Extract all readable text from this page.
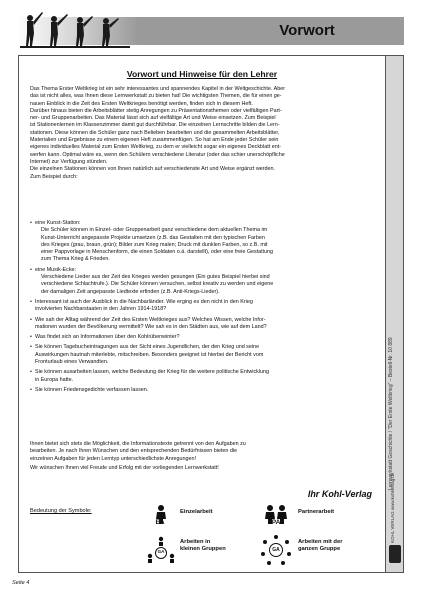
Vorwort
Lernwerkstatt Geschichte / "Der Erste Weltkrieg" – Bestell-Nr. 10 889
KOHL VERLAG www.kohlverlag.de
Vorwort und Hinweise für den Lehrer
Das Thema Erster Weltkrieg ist ein sehr interessantes und spannendes Kapitel in der Weltgeschichte. Aber
das ist nicht alles, was Ihnen diese Lernwerkstatt zu bieten hat! Die wichtigsten Themen, die für einen ge-
nauen Einblick in die Zeit des Ersten Weltkrieges benötigt werden, finden sich in diesem Heft.
Darüber hinaus bieten die Arbeitsblätter stetig Anregungen zu Präsentationsthemen oder vielfältigen Part-
ner- und Gruppenarbeiten. Das Material lässt sich auf vielfältige Art und Weise einsetzen. Zum Beispiel
ist Stationenlernen im Klassenzimmer damit gut durchführbar. Die einzelnen Lernschritte bilden die Lern-
stationen. Diese können die Schüler ganz nach Belieben bearbeiten und die gesammelten Arbeitsblätter,
Materialien und Ergebnisse zu einem eigenen Heft zusammenfügen. So hat am Ende jeder Schüler sein
eigenes individuelles Material zum Ersten Weltkrieg, zu dem er vielleicht sogar ein eigenes Deckblatt ent-
werfen kann. Optimal wäre es, wenn den Schülern verschiedene Literatur (oder das schier unerschöpfliche
Internet) zur Verfügung stünden.
Die einzelnen Stationen können von Ihnen natürlich auf verschiedenste Art und Weise ergänzt werden.
Zum Beispiel durch:
• eine Kunst-Station:
Die Schüler können in Einzel- oder Gruppenarbeit ganz verschiedene dem aktuellen Thema im
Kunst-Unterricht angepasste Projekte umsetzen (z.B. das Gestalten mit den typischen Farben
des Krieges (grau, braun, grün); Bilder zum Krieg malen; Druck mit dunklen Farben, so z.B. mit
einer Pappvorlage in Menschenform, die einen Soldaten o.ä. darstellt), oder eine freie Gestaltung
zum Thema Krieg & Frieden.
• eine Musik-Ecke:
Verschiedene Lieder aus der Zeit des Krieges werden gesungen (Ein gutes Beispiel hierbei sind
verschiedene Schlachtrufe.). Die Schüler können versuchen, selbst kreativ zu werden und eigene
der damaligen Zeit angepasste Liedtexte erfinden (z.B. Anti-Kriegs-Lieder).
• Interessant ist auch der Ausblick in die Nachbarländer. Wie erging es den nicht in den Krieg
involvierten Nachbarstaaten in den Jahren 1914-1918?
• Wie sah der Alltag während der Zeit des Ersten Weltkrieges aus? Welches Wissen, welche Infor-
mationen wurden der Bevölkerung vermittelt? Wie sah es in den Städten aus, wie auf dem Land?
• Was findet sich an Informationen über den Kohlrübenwinter?
• Sie können Tagebucheintragungen aus der Sicht eines Jugendlichen, der den Krieg und seine
Auswirkungen hautnah miterlebte, mitschreiben. Besonders geeignet ist hierbei der Bericht vom
Fronturlaub eines Verwandten.
• Sie können ausarbeiten lassen, welche Bedeutung der Krieg für die weitere politische Entwicklung
in Europa hatte.
• Sie können Friedensgedichte verfassen lassen.
Ihnen bietet sich stets die Möglichkeit, die Informationstexte getrennt von den Aufgaben zu
bearbeiten. Je nach Ihren Wünschen und den entsprechenden Bedürfnissen bieten die
einzelnen Aufgaben für jeden Lerntyp unterschiedlichste Anregungen!
Wir wünschen Ihnen viel Freude und Erfolg mit der vorliegenden Lernwerkstatt!
Ihr Kohl-Verlag
Bedeutung der Symbole:
EA
Einzelarbeit
PA
Partnerarbeit
GA
Arbeiten in
kleinen Gruppen	GA
Arbeiten mit der
ganzen Gruppe
Seite 4
